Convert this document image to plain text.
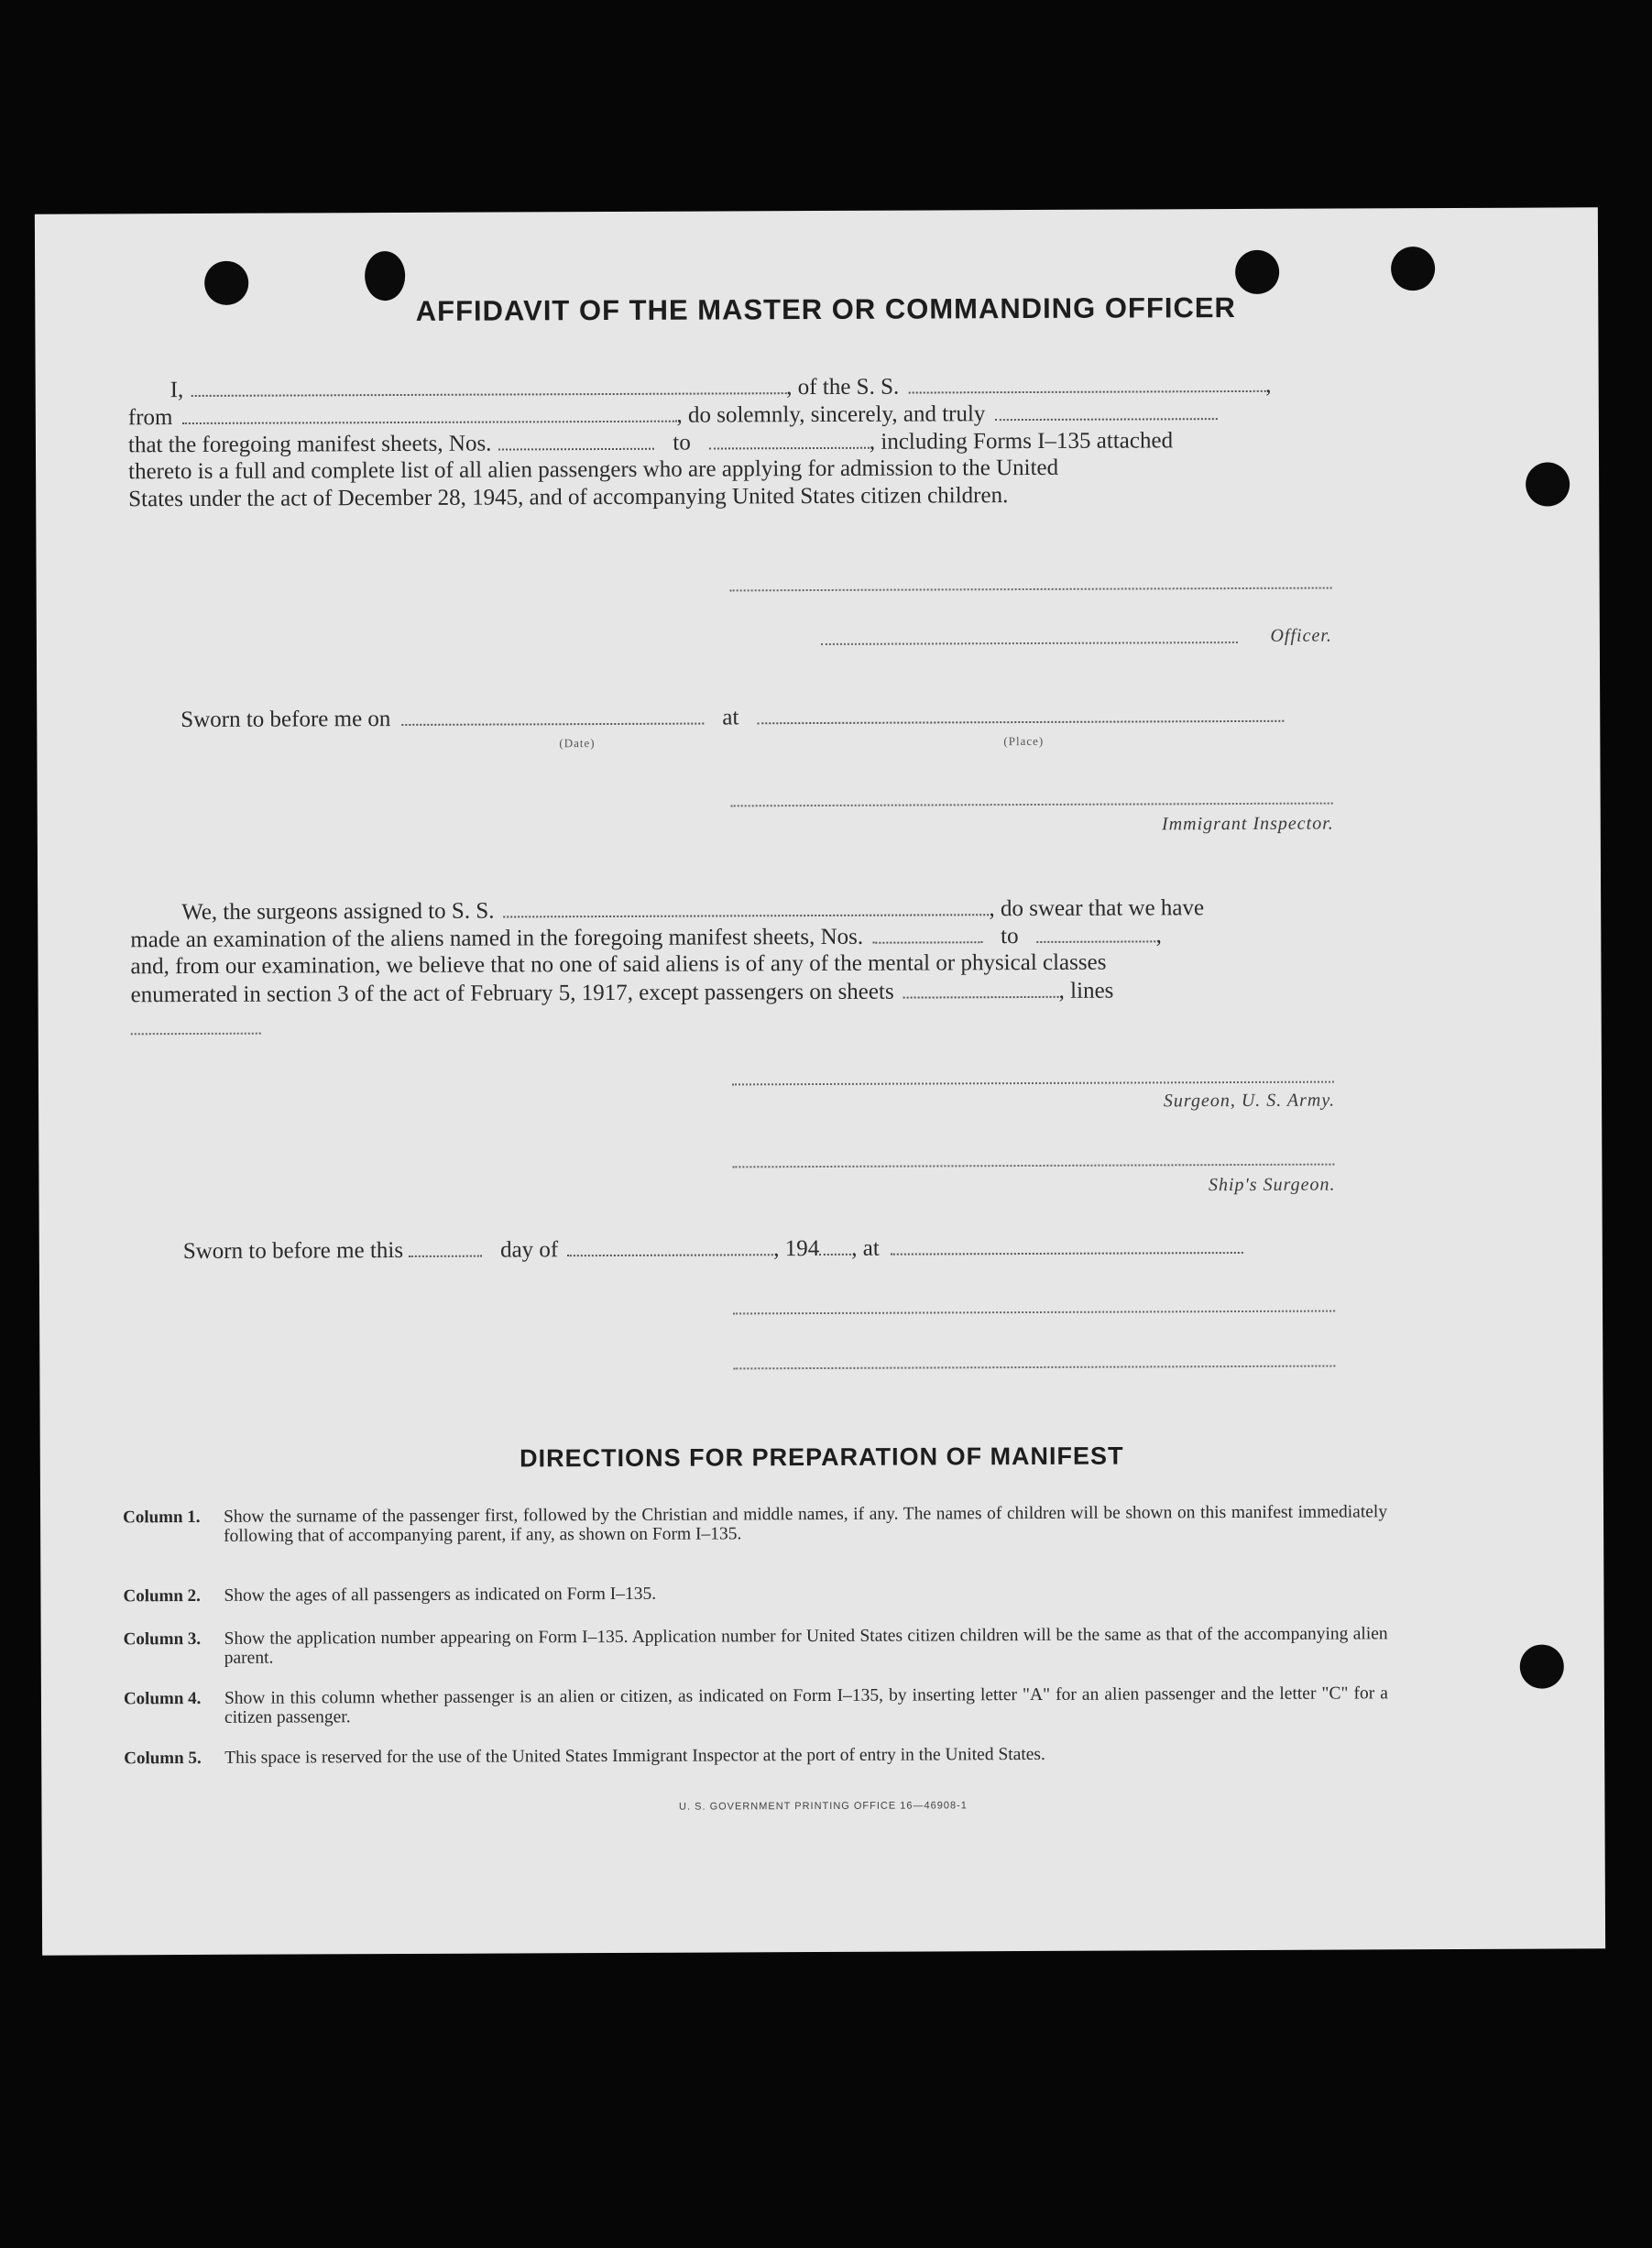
AFFIDAVIT OF THE MASTER OR COMMANDING OFFICER
I,	, of the S. S.	,
from	, do solemnly, sincerely, and truly
that the foregoing manifest sheets, Nos.	to	, including Forms I–135 attached
thereto is a full and complete list of all alien passengers who are applying for admission to the United
States under the act of December 28, 1945, and of accompanying United States citizen children.
Officer.
Sworn to before me on	at
(Date)	(Place)
Immigrant Inspector.
We, the surgeons assigned to S. S.	, do swear that we have
made an examination of the aliens named in the foregoing manifest sheets, Nos.	to	,
and, from our examination, we believe that no one of said aliens is of any of the mental or physical classes
enumerated in section 3 of the act of February 5, 1917, except passengers on sheets	, lines
Surgeon, U. S. Army.
Ship's Surgeon.
Sworn to before me this	day of	, 194 , at
DIRECTIONS FOR PREPARATION OF MANIFEST
Column 1.	Show the surname of the passenger first, followed by the Christian and middle names, if any. The names of children will be shown on this manifest immediately following that of accompanying parent, if any, as shown on Form I–135.
Column 2.	Show the ages of all passengers as indicated on Form I–135.
Column 3.	Show the application number appearing on Form I–135. Application number for United States citizen children will be the same as that of the accompanying alien parent.
Column 4.	Show in this column whether passenger is an alien or citizen, as indicated on Form I–135, by inserting letter "A" for an alien passenger and the letter "C" for a citizen passenger.
Column 5.	This space is reserved for the use of the United States Immigrant Inspector at the port of entry in the United States.
U. S. GOVERNMENT PRINTING OFFICE 16—46908-1
